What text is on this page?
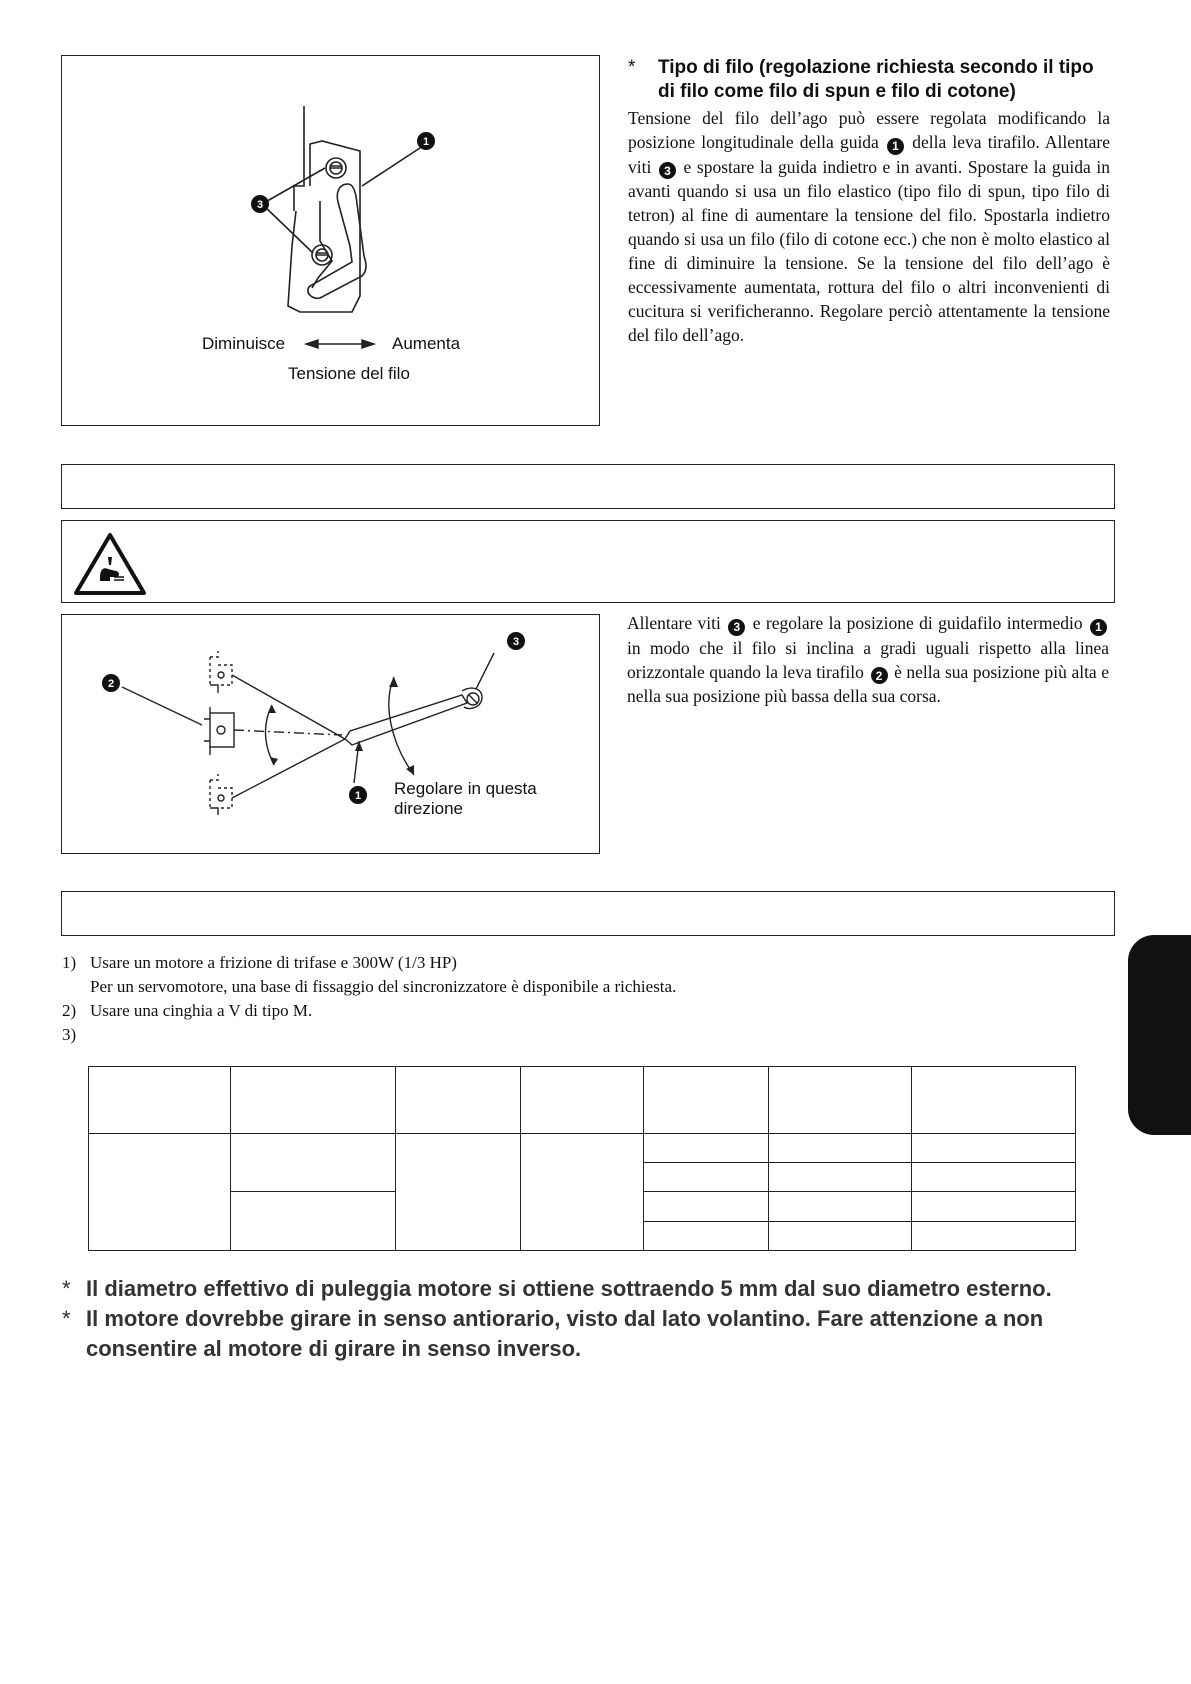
1
3
Diminuisce	Aumenta
Tensione del filo
* Tipo di filo (regolazione richiesta secondo il tipo di filo come filo di spun e filo di cotone)
Tensione del filo dell’ago può essere regolata modificando la posizione longitudinale della guida 1 della leva tirafilo. Allentare viti 3 e spostare la guida indietro e in avanti. Spostare la guida in avanti quando si usa un filo elastico (tipo filo di spun, tipo filo di tetron) al fine di aumentare la tensione del filo. Spostarla indietro quando si usa un filo (filo di cotone ecc.) che non è molto elastico al fine di diminuire la tensione. Se la tensione del filo dell’ago è eccessivamente aumentata, rottura del filo o altri inconvenienti di cucitura si verificheranno. Regolare perciò attentamente la tensione del filo dell’ago.
2
3
1 Regolare in questa direzione
Allentare viti 3 e regolare la posizione di guidafilo intermedio 1 in modo che il filo si inclina a gradi uguali rispetto alla linea orizzontale quando la leva tirafilo 2 è nella sua posizione più alta e nella sua posizione più bassa della sua corsa.
1) Usare un motore a frizione di trifase e 300W (1/3 HP)
Per un servomotore, una base di fissaggio del sincronizzatore è disponibile a richiesta.
2) Usare una cinghia a V di tipo M.
3)

* Il diametro effettivo di puleggia motore si ottiene sottraendo 5 mm dal suo diametro esterno.
* Il motore dovrebbe girare in senso antiorario, visto dal lato volantino. Fare attenzione a non consentire al motore di girare in senso inverso.
